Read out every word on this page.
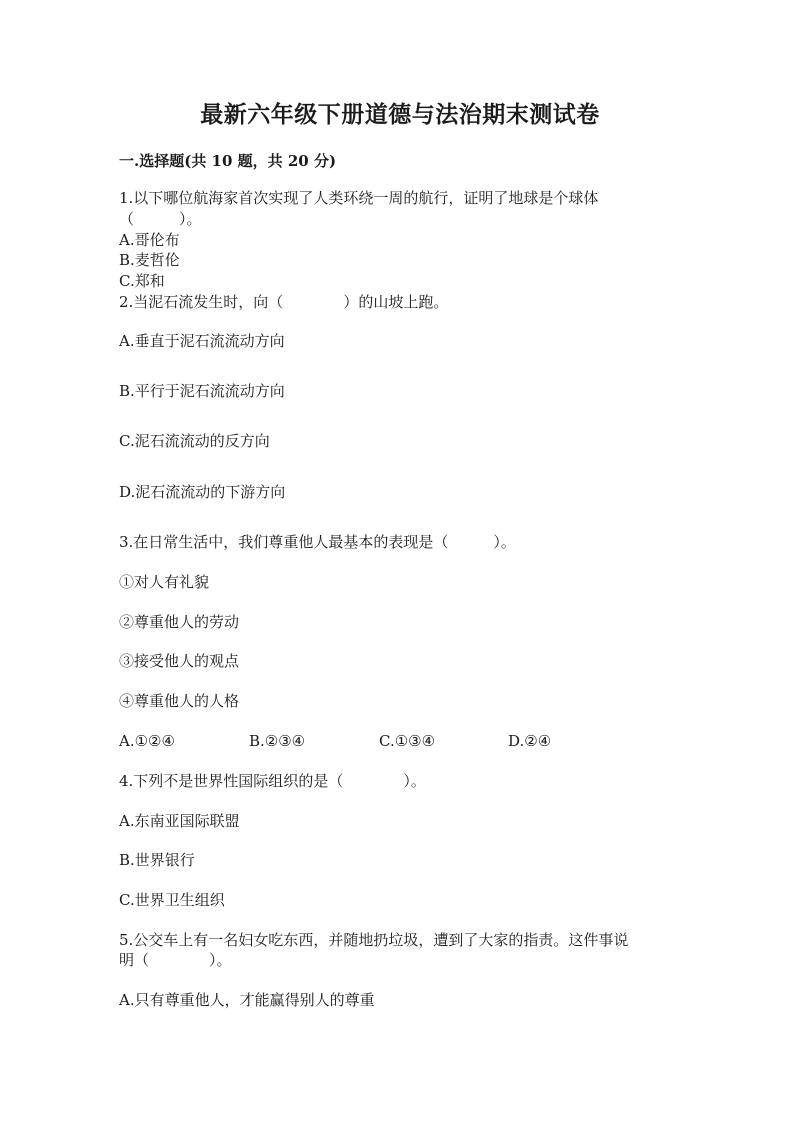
最新六年级下册道德与法治期末测试卷
一.选择题(共 10 题，共 20 分)
1.以下哪位航海家首次实现了人类环绕一周的航行，证明了地球是个球体
（　　　）。
A.哥伦布
B.麦哲伦
C.郑和
2.当泥石流发生时，向（　　　　）的山坡上跑。
A.垂直于泥石流流动方向
B.平行于泥石流流动方向
C.泥石流流动的反方向
D.泥石流流动的下游方向
3.在日常生活中，我们尊重他人最基本的表现是（　　　）。
①对人有礼貌
②尊重他人的劳动
③接受他人的观点
④尊重他人的人格
A.①②④	B.②③④	C.①③④	D.②④
4.下列不是世界性国际组织的是（　　　　）。
A.东南亚国际联盟
B.世界银行
C.世界卫生组织
5.公交车上有一名妇女吃东西，并随地扔垃圾，遭到了大家的指责。这件事说
明（　　　　）。
A.只有尊重他人，才能赢得别人的尊重
